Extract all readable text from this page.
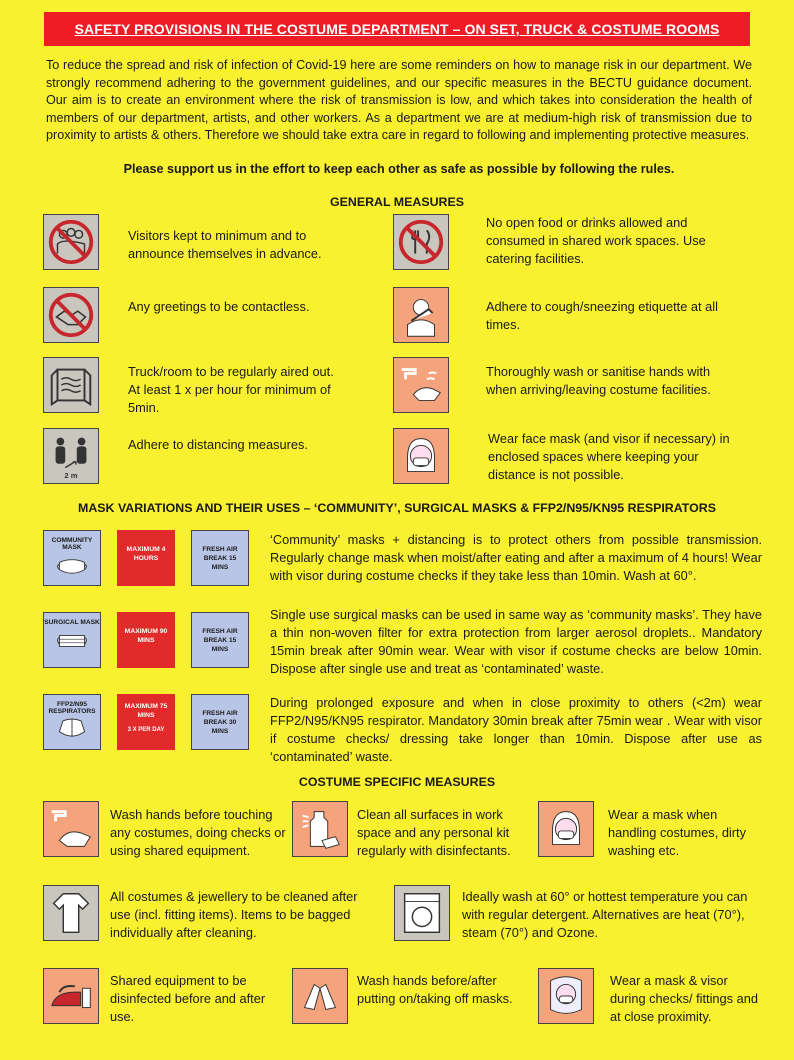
SAFETY PROVISIONS IN THE COSTUME DEPARTMENT – ON SET, TRUCK & COSTUME ROOMS
To reduce the spread and risk of infection of Covid-19 here are some reminders on how to manage risk in our department. We strongly recommend adhering to the government guidelines, and our specific measures in the BECTU guidance document. Our aim is to create an environment where the risk of transmission is low, and which takes into consideration the health of members of our department, artists, and other workers. As a department we are at medium-high risk of transmission due to proximity to artists & others. Therefore we should take extra care in regard to following and implementing protective measures.
Please support us in the effort to keep each other as safe as possible by following the rules.
GENERAL MEASURES
Visitors kept to minimum and to announce themselves in advance.
Any greetings to be contactless.
Truck/room to be regularly aired out. At least 1 x per hour for minimum of 5min.
2 m
Adhere to distancing measures.
No open food or drinks allowed and consumed in shared work spaces. Use catering facilities.
Adhere to cough/sneezing etiquette at all times.
Thoroughly wash or sanitise hands with when arriving/leaving costume facilities.
Wear face mask (and visor if necessary) in enclosed spaces where keeping your distance is not possible.
MASK VARIATIONS AND THEIR USES – ‘COMMUNITY’, SURGICAL MASKS & FFP2/N95/KN95 RESPIRATORS
COMMUNITY MASK	MAXIMUM 4 HOURS
FRESH AIR BREAK 15 MINS
‘Community’ masks + distancing is to protect others from possible transmission. Regularly change mask when moist/after eating and after a maximum of 4 hours! Wear with visor during costume checks if they take less than 10min. Wash at 60°.
SURGICAL MASK
MAXIMUM 90 MINS
FRESH AIR BREAK 15 MINS
Single use surgical masks can be used in same way as ‘community masks’. They have a thin non-woven filter for extra protection from larger aerosol droplets.. Mandatory 15min break after 90min wear. Wear with visor if costume checks are below 10min. Dispose after single use and treat as ‘contaminated’ waste.
FFP2/N95 RESPIRATORS
MAXIMUM 75 MINS
3 X PER DAY
FRESH AIR BREAK 30 MINS
During prolonged exposure and when in close proximity to others (<2m) wear FFP2/N95/KN95 respirator. Mandatory 30min break after 75min wear . Wear with visor if costume checks/ dressing take longer than 10min. Dispose after use as ‘contaminated’ waste.
COSTUME SPECIFIC MEASURES
Wash hands before touching any costumes, doing checks or using shared equipment.
Clean all surfaces in work space and any personal kit regularly with disinfectants.
Wear a mask when handling costumes, dirty washing etc.
All costumes & jewellery to be cleaned after use (incl. fitting items). Items to be bagged individually after cleaning.
Ideally wash at 60° or hottest temperature you can with regular detergent. Alternatives are heat (70°), steam (70°) and Ozone.
Shared equipment to be disinfected before and after use.
Wash hands before/after putting on/taking off masks.
Wear a mask & visor during checks/ fittings and at close proximity.
